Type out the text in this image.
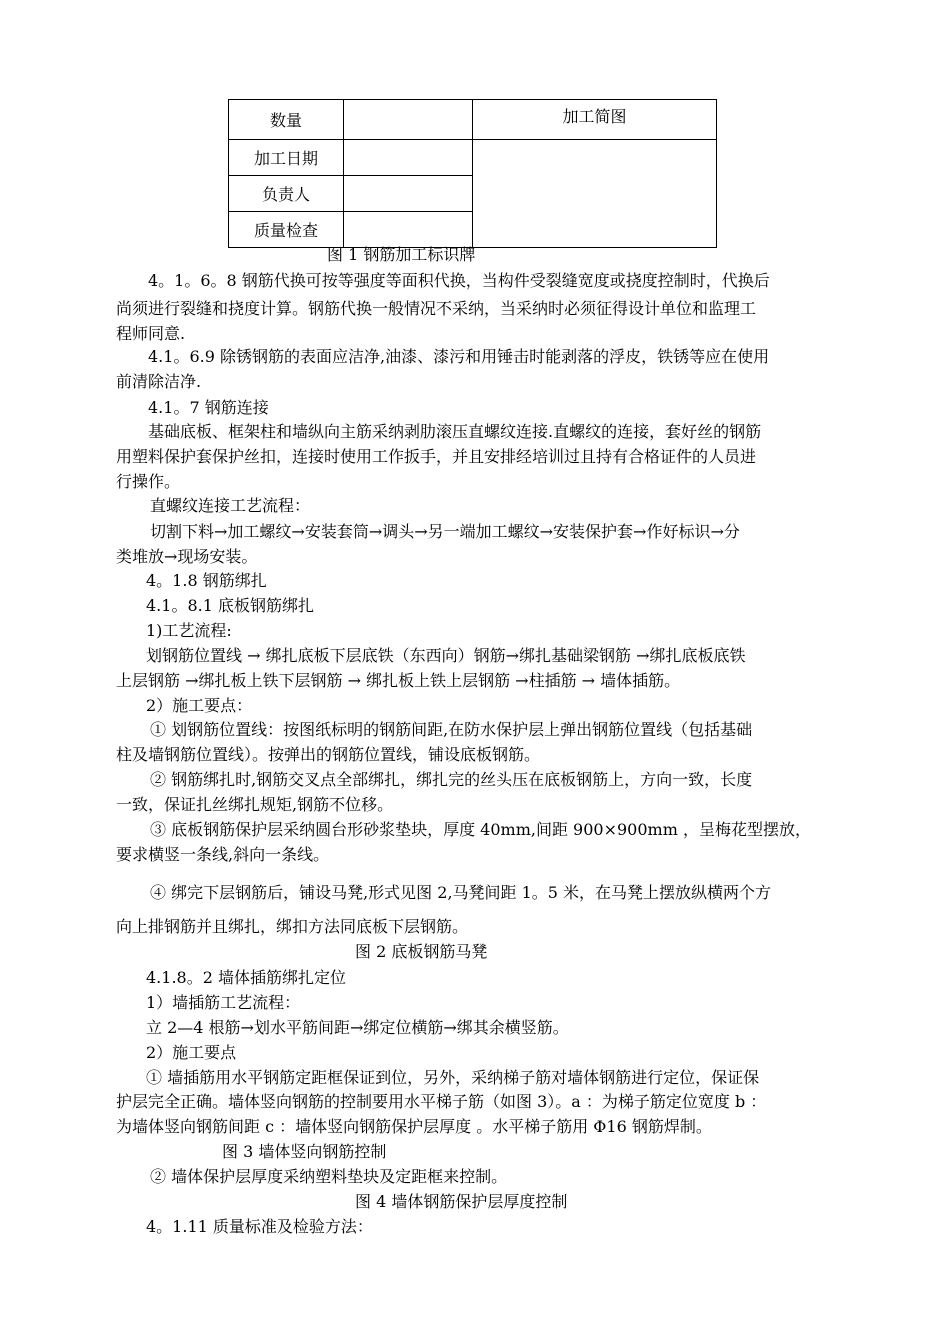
数量		加工简图
加工日期		
负责人		
质量检查		
图 1 钢筋加工标识牌
4。1。6。8 钢筋代换可按等强度等面积代换，当构件受裂缝宽度或挠度控制时，代换后
尚须进行裂缝和挠度计算。钢筋代换一般情况不采纳，当采纳时必须征得设计单位和监理工
程师同意.
4.1。6.9 除锈钢筋的表面应洁净,油漆、漆污和用锤击时能剥落的浮皮，铁锈等应在使用
前清除洁净.
4.1。7 钢筋连接
基础底板、框架柱和墙纵向主筋采纳剥肋滚压直螺纹连接.直螺纹的连接，套好丝的钢筋
用塑料保护套保护丝扣，连接时使用工作扳手，并且安排经培训过且持有合格证件的人员进
行操作。
直螺纹连接工艺流程：
切割下料→加工螺纹→安装套筒→调头→另一端加工螺纹→安装保护套→作好标识→分
类堆放→现场安装。
4。1.8 钢筋绑扎
4.1。8.1 底板钢筋绑扎
1)工艺流程:
划钢筋位置线 → 绑扎底板下层底铁（东西向）钢筋→绑扎基础梁钢筋 →绑扎底板底铁
上层钢筋 →绑扎板上铁下层钢筋 → 绑扎板上铁上层钢筋 →柱插筋 → 墙体插筋。
2）施工要点：
① 划钢筋位置线：按图纸标明的钢筋间距,在防水保护层上弹出钢筋位置线（包括基础
柱及墙钢筋位置线）。按弹出的钢筋位置线，铺设底板钢筋。
② 钢筋绑扎时,钢筋交叉点全部绑扎，绑扎完的丝头压在底板钢筋上，方向一致，长度
一致，保证扎丝绑扎规矩,钢筋不位移。
③ 底板钢筋保护层采纳圆台形砂浆垫块，厚度 40mm,间距 900×900mm ，呈梅花型摆放，
要求横竖一条线,斜向一条线。
④ 绑完下层钢筋后，铺设马凳,形式见图 2,马凳间距 1。5 米，在马凳上摆放纵横两个方
向上排钢筋并且绑扎，绑扣方法同底板下层钢筋。
图 2 底板钢筋马凳
4.1.8。2 墙体插筋绑扎定位
1）墙插筋工艺流程：
立 2—4 根筋→划水平筋间距→绑定位横筋→绑其余横竖筋。
2）施工要点
① 墙插筋用水平钢筋定距框保证到位，另外，采纳梯子筋对墙体钢筋进行定位，保证保
护层完全正确。墙体竖向钢筋的控制要用水平梯子筋（如图 3）。a ：为梯子筋定位宽度 b ：
为墙体竖向钢筋间距 c ：墙体竖向钢筋保护层厚度 。水平梯子筋用 Φ16 钢筋焊制。
图 3 墙体竖向钢筋控制
② 墙体保护层厚度采纳塑料垫块及定距框来控制。
图 4 墙体钢筋保护层厚度控制
4。1.11 质量标准及检验方法：
